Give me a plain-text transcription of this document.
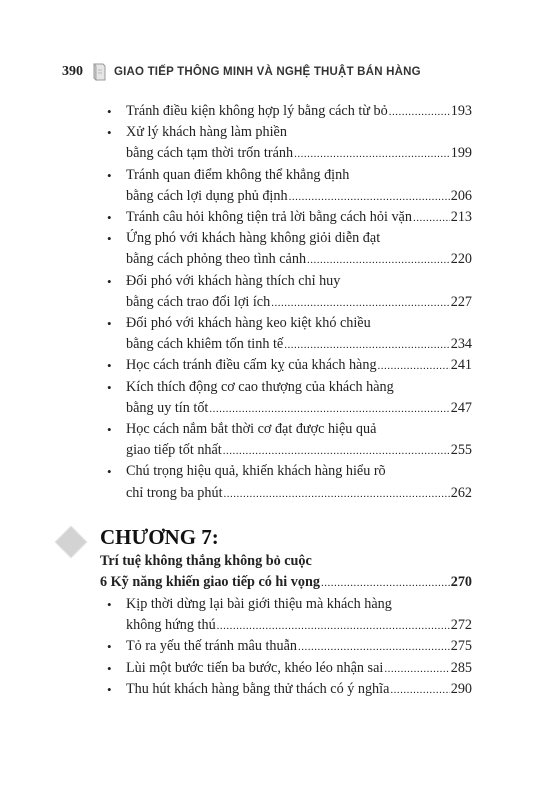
390	GIAO TIẾP THÔNG MINH VÀ NGHỆ THUẬT BÁN HÀNG
• Tránh điều kiện không hợp lý bằng cách từ bỏ .....	193
• Xử lý khách hàng làm phiền
bằng cách tạm thời trốn tránh .....	199
• Tránh quan điểm không thể khẳng định
bằng cách lợi dụng phủ định .....	206
• Tránh câu hỏi không tiện trả lời bằng cách hỏi vặn .....	213
• Ứng phó với khách hàng không giỏi diễn đạt
bằng cách phỏng theo tình cảnh .....	220
• Đối phó với khách hàng thích chỉ huy
bằng cách trao đổi lợi ích .....	227
• Đối phó với khách hàng keo kiệt khó chiều
bằng cách khiêm tốn tinh tế .....	234
• Học cách tránh điều cấm kỵ của khách hàng .....	241
• Kích thích động cơ cao thượng của khách hàng
bằng uy tín tốt .....	247
• Học cách nắm bắt thời cơ đạt được hiệu quả
giao tiếp tốt nhất .....	255
• Chú trọng hiệu quả, khiến khách hàng hiểu rõ
chỉ trong ba phút .....	262
CHƯƠNG 7:
Trí tuệ không thắng không bỏ cuộc
6 Kỹ năng khiến giao tiếp có hi vọng .....	270
• Kịp thời dừng lại bài giới thiệu mà khách hàng
không hứng thú .....	272
• Tỏ ra yếu thế tránh mâu thuẫn .....	275
• Lùi một bước tiến ba bước, khéo léo nhận sai .....	285
• Thu hút khách hàng bằng thử thách có ý nghĩa .....	290
